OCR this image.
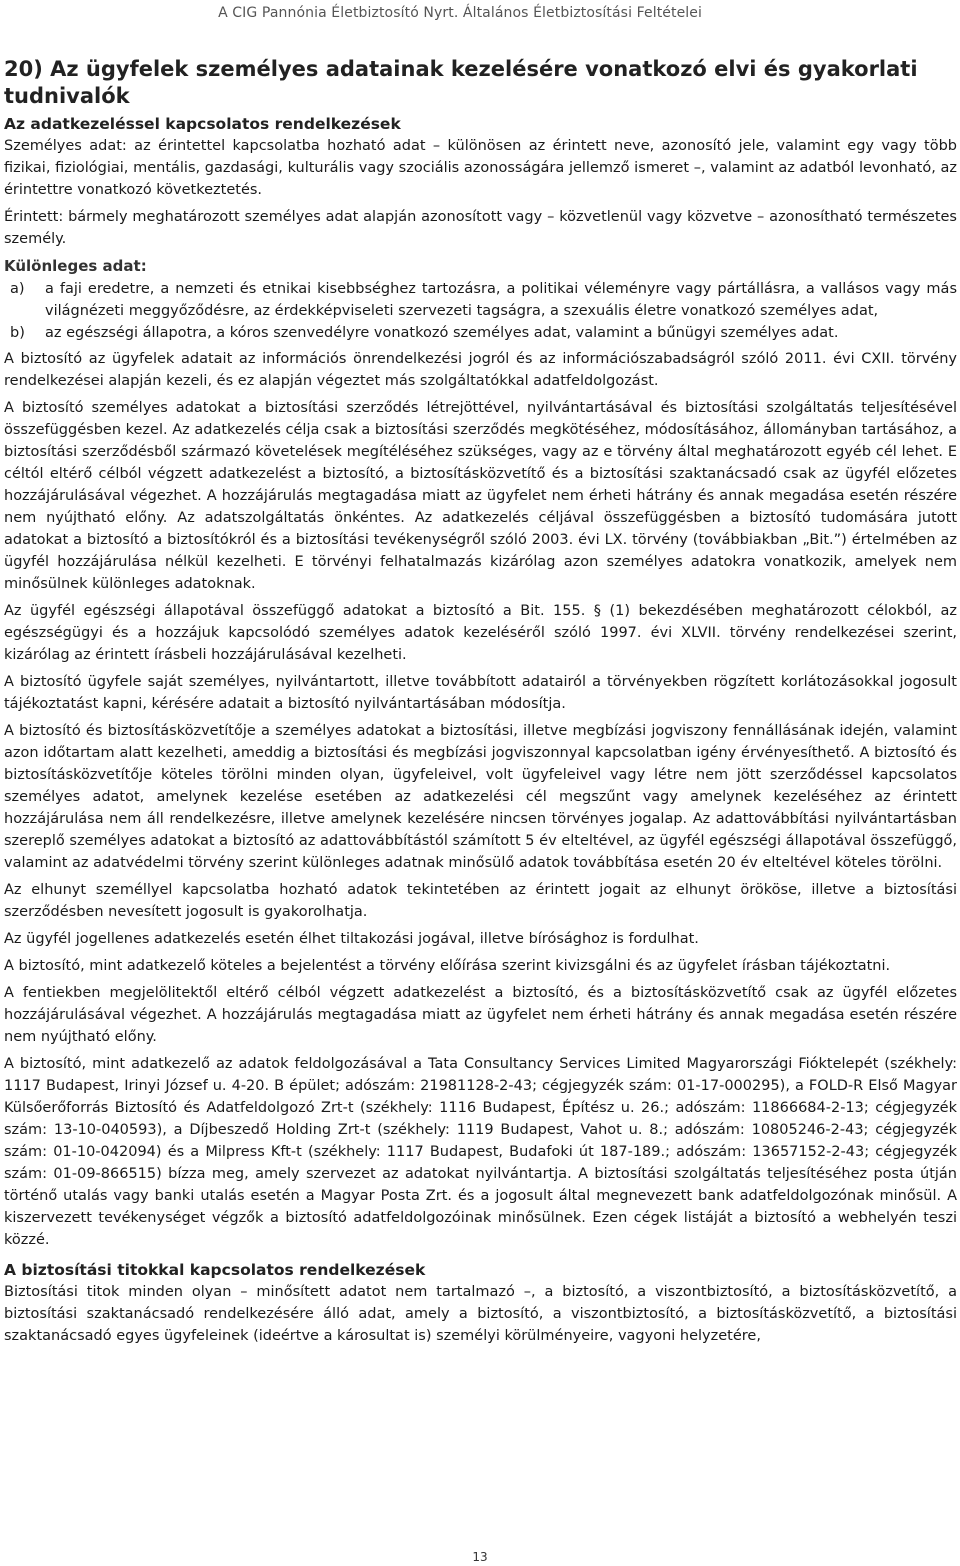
A CIG Pannónia Életbiztosító Nyrt. Általános Életbiztosítási Feltételei
20) Az ügyfelek személyes adatainak kezelésére vonatkozó elvi és gyakorlati tudnivalók
Az adatkezeléssel kapcsolatos rendelkezések

Személyes adat: az érintettel kapcsolatba hozható adat – különösen az érintett neve, azonosító jele, valamint egy vagy több fizikai, fiziológiai, mentális, gazdasági, kulturális vagy szociális azonosságára jellemző ismeret –, valamint az adatból levonható, az érintettre vonatkozó következtetés.

Érintett: bármely meghatározott személyes adat alapján azonosított vagy – közvetlenül vagy közvetve – azonosítható természetes személy.

Különleges adat:
a) a faji eredetre, a nemzeti és etnikai kisebbséghez tartozásra, a politikai véleményre vagy pártállásra, a vallásos vagy más világnézeti meggyőződésre, az érdekképviseleti szervezeti tagságra, a szexuális életre vonatkozó személyes adat,
b) az egészségi állapotra, a kóros szenvedélyre vonatkozó személyes adat, valamint a bűnügyi személyes adat.

A biztosító az ügyfelek adatait az információs önrendelkezési jogról és az információszabadságról szóló 2011. évi CXII. törvény rendelkezései alapján kezeli, és ez alapján végeztet más szolgáltatókkal adatfeldolgozást.

A biztosító személyes adatokat a biztosítási szerződés létrejöttével, nyilvántartásával és biztosítási szolgáltatás teljesítésével összefüggésben kezel. Az adatkezelés célja csak a biztosítási szerződés megkötéséhez, módosításához, állományban tartásához, a biztosítási szerződésből származó követelések megítéléséhez szükséges, vagy az e törvény által meghatározott egyéb cél lehet. E céltól eltérő célból végzett adatkezelést a biztosító, a biztosításközvetítő és a biztosítási szaktanácsadó csak az ügyfél előzetes hozzájárulásával végezhet. A hozzájárulás megtagadása miatt az ügyfelet nem érheti hátrány és annak megadása esetén részére nem nyújtható előny. Az adatszolgáltatás önkéntes. Az adatkezelés céljával összefüggésben a biztosító tudomására jutott adatokat a biztosító a biztosítókról és a biztosítási tevékenységről szóló 2003. évi LX. törvény (továbbiakban „Bit.”) értelmében az ügyfél hozzájárulása nélkül kezelheti. E törvényi felhatalmazás kizárólag azon személyes adatokra vonatkozik, amelyek nem minősülnek különleges adatoknak.

Az ügyfél egészségi állapotával összefüggő adatokat a biztosító a Bit. 155. § (1) bekezdésében meghatározott célokból, az egészségügyi és a hozzájuk kapcsolódó személyes adatok kezeléséről szóló 1997. évi XLVII. törvény rendelkezései szerint, kizárólag az érintett írásbeli hozzájárulásával kezelheti.

A biztosító ügyfele saját személyes, nyilvántartott, illetve továbbított adatairól a törvényekben rögzített korlátozásokkal jogosult tájékoztatást kapni, kérésére adatait a biztosító nyilvántartásában módosítja.

A biztosító és biztosításközvetítője a személyes adatokat a biztosítási, illetve megbízási jogviszony fennállásának idején, valamint azon időtartam alatt kezelheti, ameddig a biztosítási és megbízási jogviszonnyal kapcsolatban igény érvényesíthető. A biztosító és biztosításközvetítője köteles törölni minden olyan, ügyfeleivel, volt ügyfeleivel vagy létre nem jött szerződéssel kapcsolatos személyes adatot, amelynek kezelése esetében az adatkezelési cél megszűnt vagy amelynek kezeléséhez az érintett hozzájárulása nem áll rendelkezésre, illetve amelynek kezelésére nincsen törvényes jogalap. Az adattovábbítási nyilvántartásban szereplő személyes adatokat a biztosító az adattovábbítástól számított 5 év elteltével, az ügyfél egészségi állapotával összefüggő, valamint az adatvédelmi törvény szerint különleges adatnak minősülő adatok továbbítása esetén 20 év elteltével köteles törölni.

Az elhunyt személlyel kapcsolatba hozható adatok tekintetében az érintett jogait az elhunyt örököse, illetve a biztosítási szerződésben nevesített jogosult is gyakorolhatja.

Az ügyfél jogellenes adatkezelés esetén élhet tiltakozási jogával, illetve bírósághoz is fordulhat.

A biztosító, mint adatkezelő köteles a bejelentést a törvény előírása szerint kivizsgálni és az ügyfelet írásban tájékoztatni.

A fentiekben megjelölitektől eltérő célból végzett adatkezelést a biztosító, és a biztosításközvetítő csak az ügyfél előzetes hozzájárulásával végezhet. A hozzájárulás megtagadása miatt az ügyfelet nem érheti hátrány és annak megadása esetén részére nem nyújtható előny.

A biztosító, mint adatkezelő az adatok feldolgozásával a Tata Consultancy Services Limited Magyarországi Fióktelepét (székhely: 1117 Budapest, Irinyi József u. 4-20. B épület; adószám: 21981128-2-43; cégjegyzék szám: 01-17-000295), a FOLD-R Első Magyar Külsőerőforrás Biztosító és Adatfeldolgozó Zrt-t (székhely: 1116 Budapest, Építész u. 26.; adószám: 11866684-2-13; cégjegyzék szám: 13-10-040593), a Díjbeszedő Holding Zrt-t (székhely: 1119 Budapest, Vahot u. 8.; adószám: 10805246-2-43; cégjegyzék szám: 01-10-042094) és a Milpress Kft-t (székhely: 1117 Budapest, Budafoki út 187-189.; adószám: 13657152-2-43; cégjegyzék szám: 01-09-866515) bízza meg, amely szervezet az adatokat nyilvántartja. A biztosítási szolgáltatás teljesítéséhez posta útján történő utalás vagy banki utalás esetén a Magyar Posta Zrt. és a jogosult által megnevezett bank adatfeldolgozónak minősül. A kiszervezett tevékenységet végzők a biztosító adatfeldolgozóinak minősülnek. Ezen cégek listáját a biztosító a webhelyén teszi közzé.

A biztosítási titokkal kapcsolatos rendelkezések

Biztosítási titok minden olyan – minősített adatot nem tartalmazó –, a biztosító, a viszontbiztosító, a biztosításközvetítő, a biztosítási szaktanácsadó rendelkezésére álló adat, amely a biztosító, a viszontbiztosító, a biztosításközvetítő, a biztosítási szaktanácsadó egyes ügyfeleinek (ideértve a károsultat is) személyi körülményeire, vagyoni helyzetére,

13
